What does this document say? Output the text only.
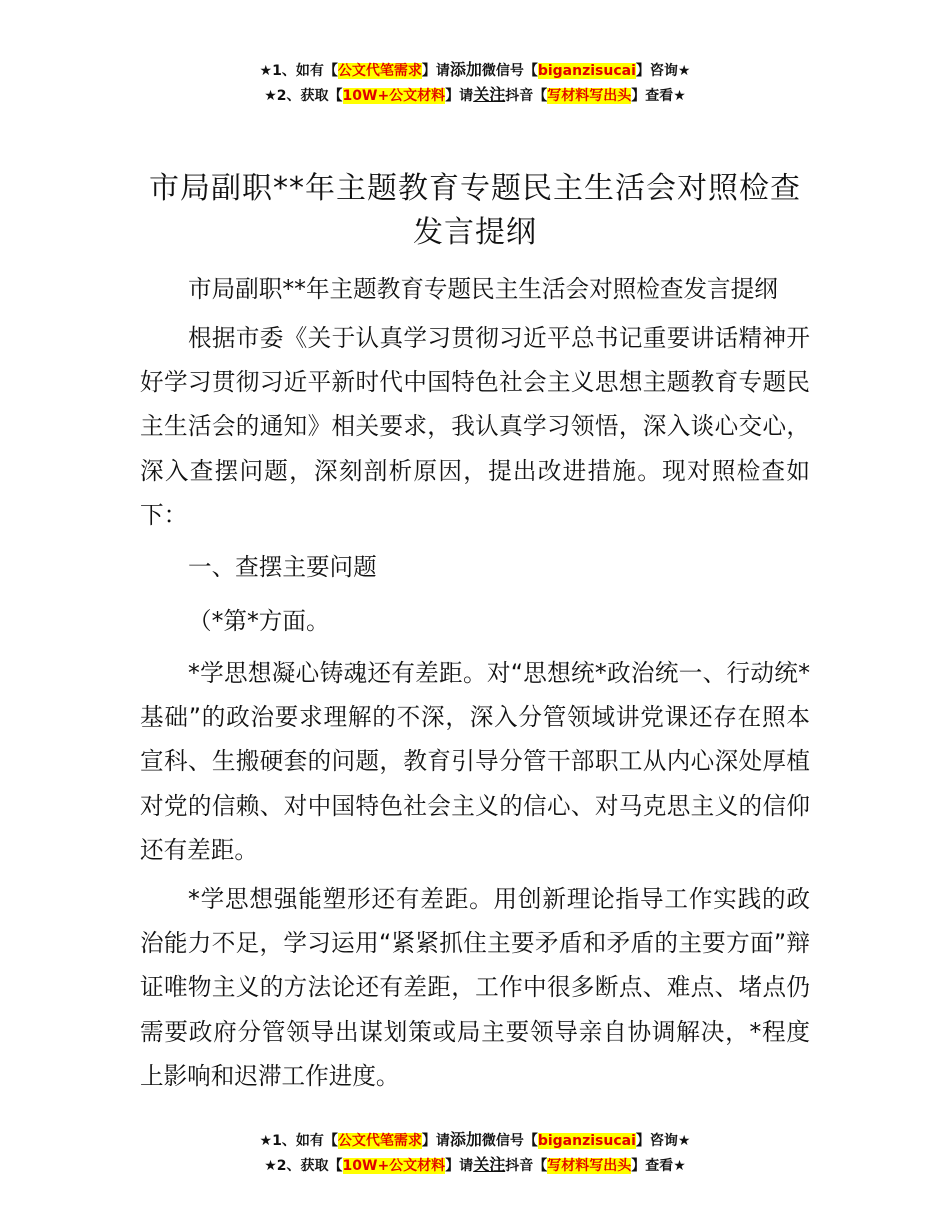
★1、如有【公文代笔需求】请添加微信号【biganzisucai】咨询★
★2、获取【10W+公文材料】请关注抖音【写材料写出头】查看★
市局副职**年主题教育专题民主生活会对照检查发言提纲

市局副职**年主题教育专题民主生活会对照检查发言提纲

根据市委《关于认真学习贯彻习近平总书记重要讲话精神开好学习贯彻习近平新时代中国特色社会主义思想主题教育专题民主生活会的通知》相关要求，我认真学习领悟，深入谈心交心，深入查摆问题，深刻剖析原因，提出改进措施。现对照检查如下：

一、查摆主要问题

（*第*方面。

*学思想凝心铸魂还有差距。对“思想统*政治统一、行动统*基础”的政治要求理解的不深，深入分管领域讲党课还存在照本宣科、生搬硬套的问题，教育引导分管干部职工从内心深处厚植对党的信赖、对中国特色社会主义的信心、对马克思主义的信仰还有差距。

*学思想强能塑形还有差距。用创新理论指导工作实践的政治能力不足，学习运用“紧紧抓住主要矛盾和矛盾的主要方面”辩证唯物主义的方法论还有差距，工作中很多断点、难点、堵点仍需要政府分管领导出谋划策或局主要领导亲自协调解决，*程度上影响和迟滞工作进度。

★1、如有【公文代笔需求】请添加微信号【biganzisucai】咨询★
★2、获取【10W+公文材料】请关注抖音【写材料写出头】查看★
